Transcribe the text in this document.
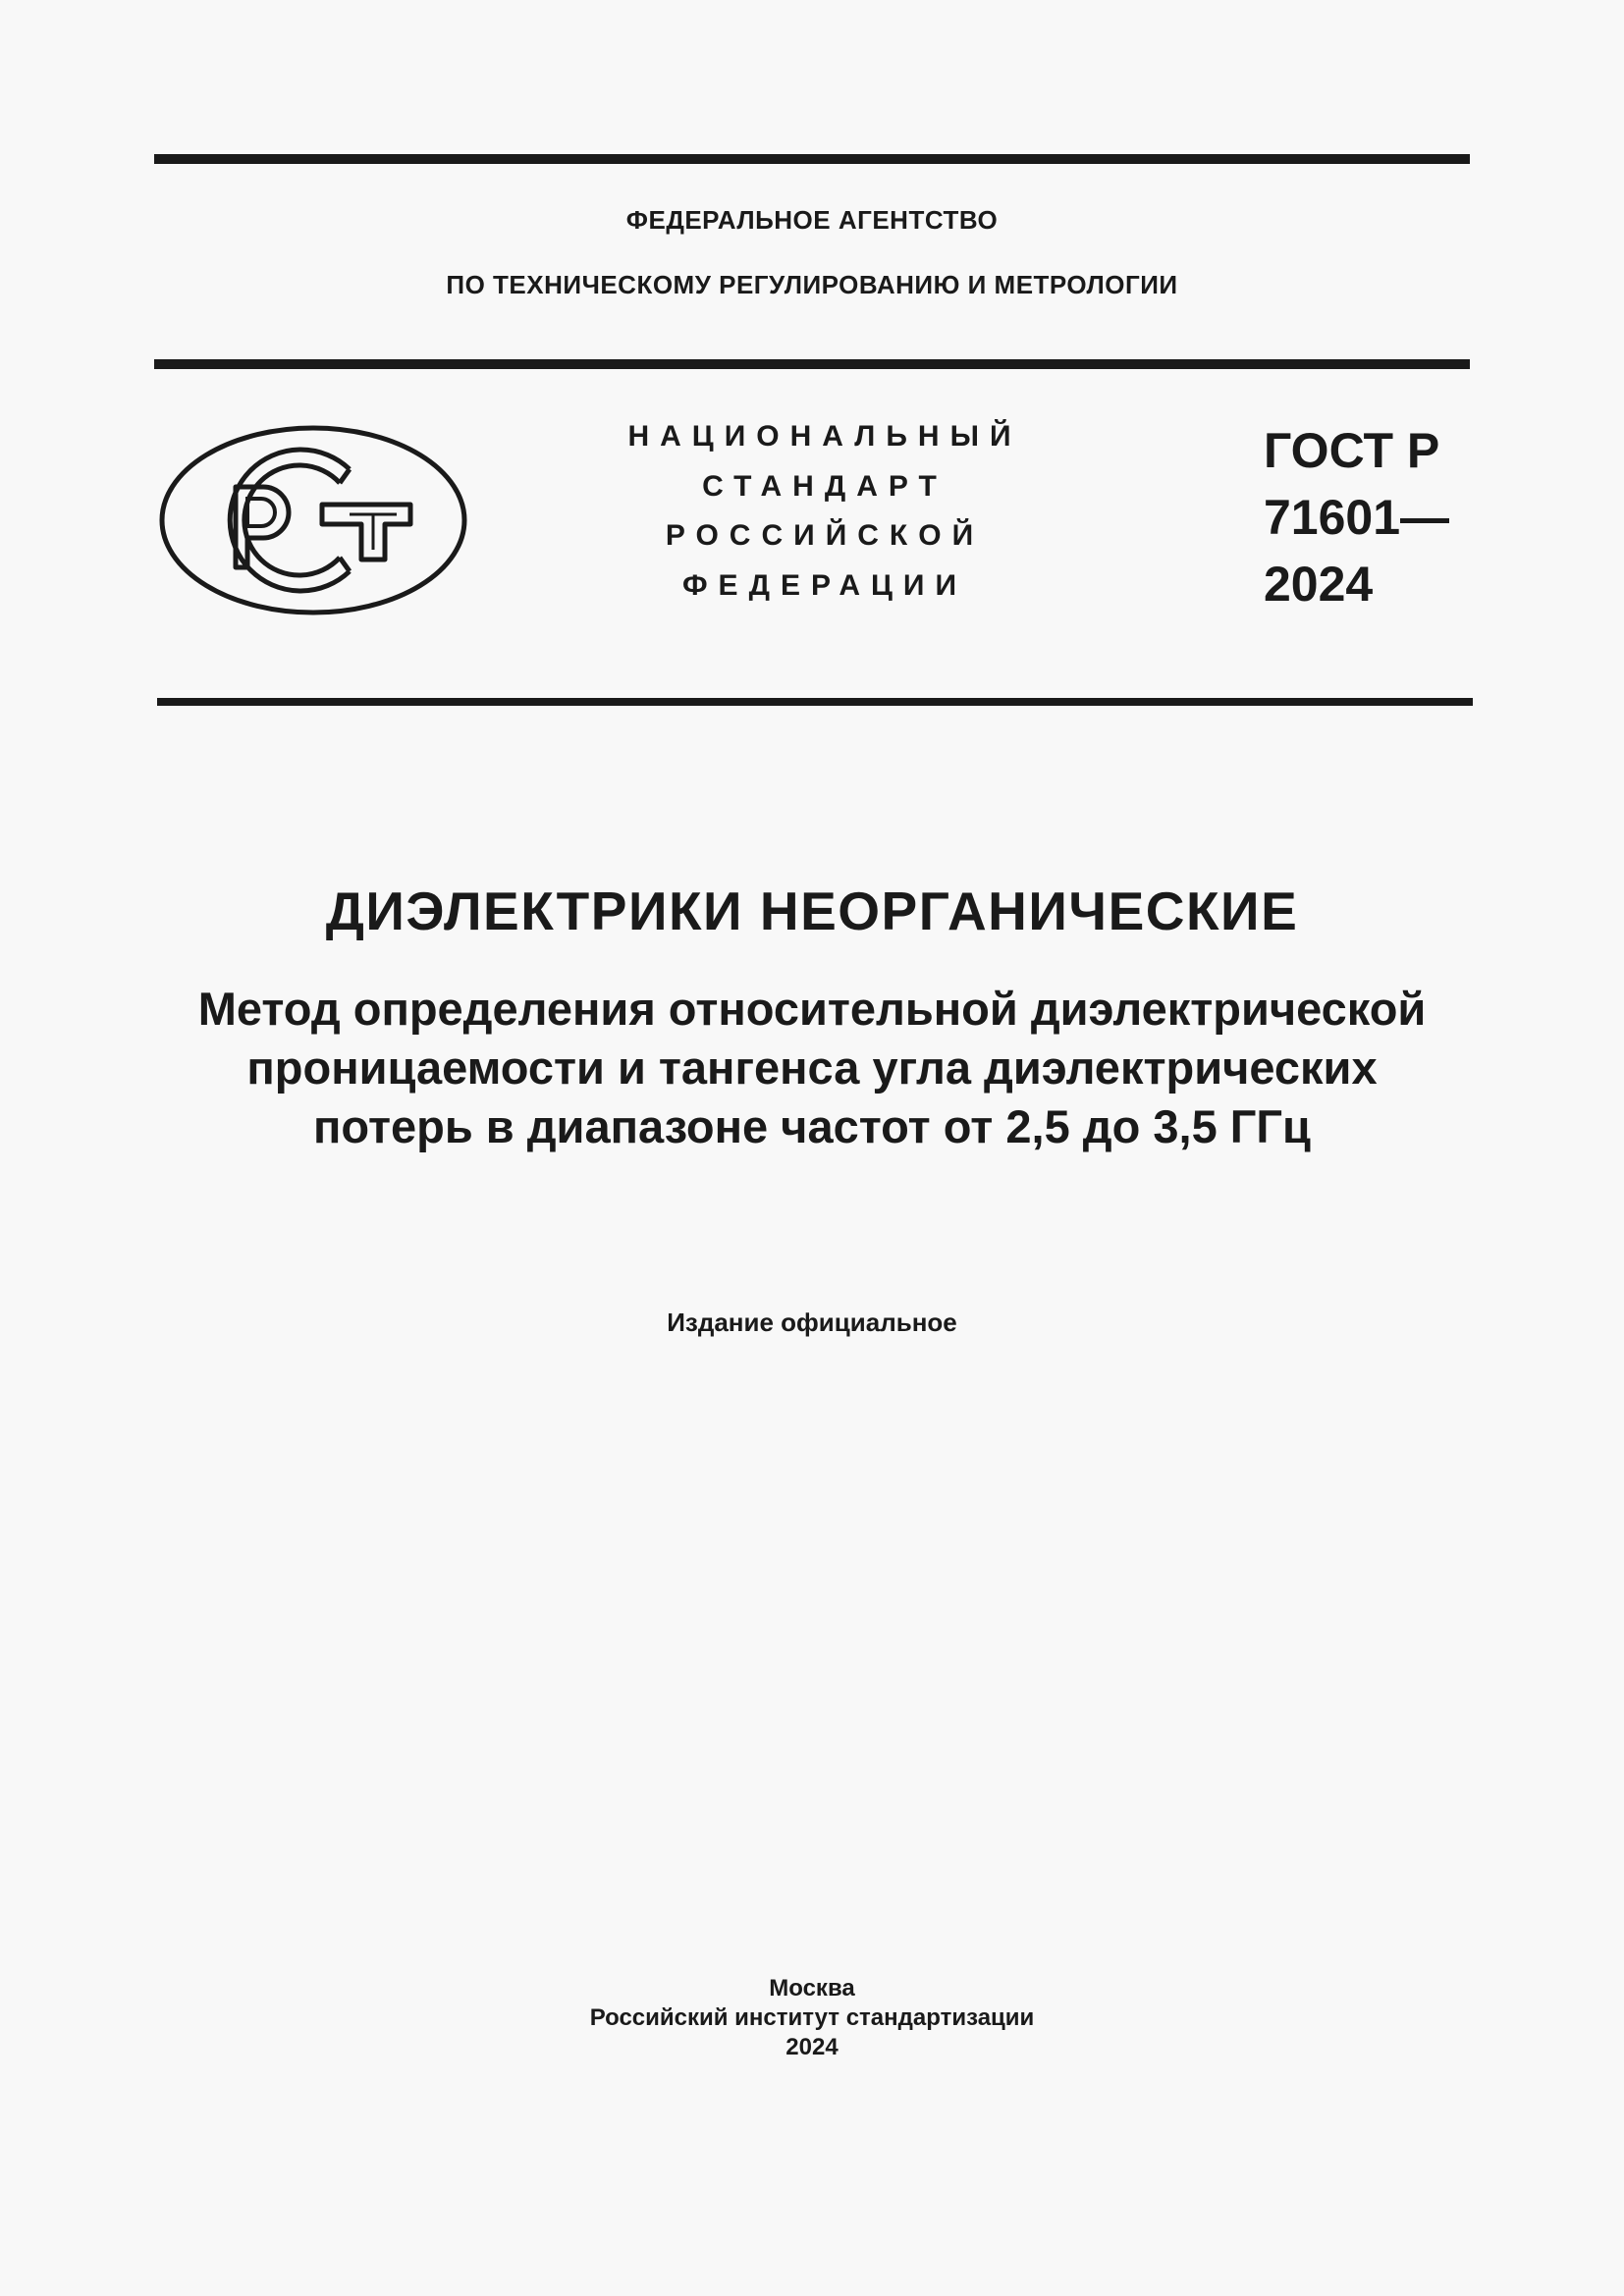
ФЕДЕРАЛЬНОЕ АГЕНТСТВО
ПО ТЕХНИЧЕСКОМУ РЕГУЛИРОВАНИЮ И МЕТРОЛОГИИ
НАЦИОНАЛЬНЫЙ
СТАНДАРТ
РОССИЙСКОЙ
ФЕДЕРАЦИИ
ГОСТ Р
71601—
2024
ДИЭЛЕКТРИКИ НЕОРГАНИЧЕСКИЕ
Метод определения относительной диэлектрической
проницаемости и тангенса угла диэлектрических
потерь в диапазоне частот от 2,5 до 3,5 ГГц
Издание официальное
Москва
Российский институт стандартизации
2024
